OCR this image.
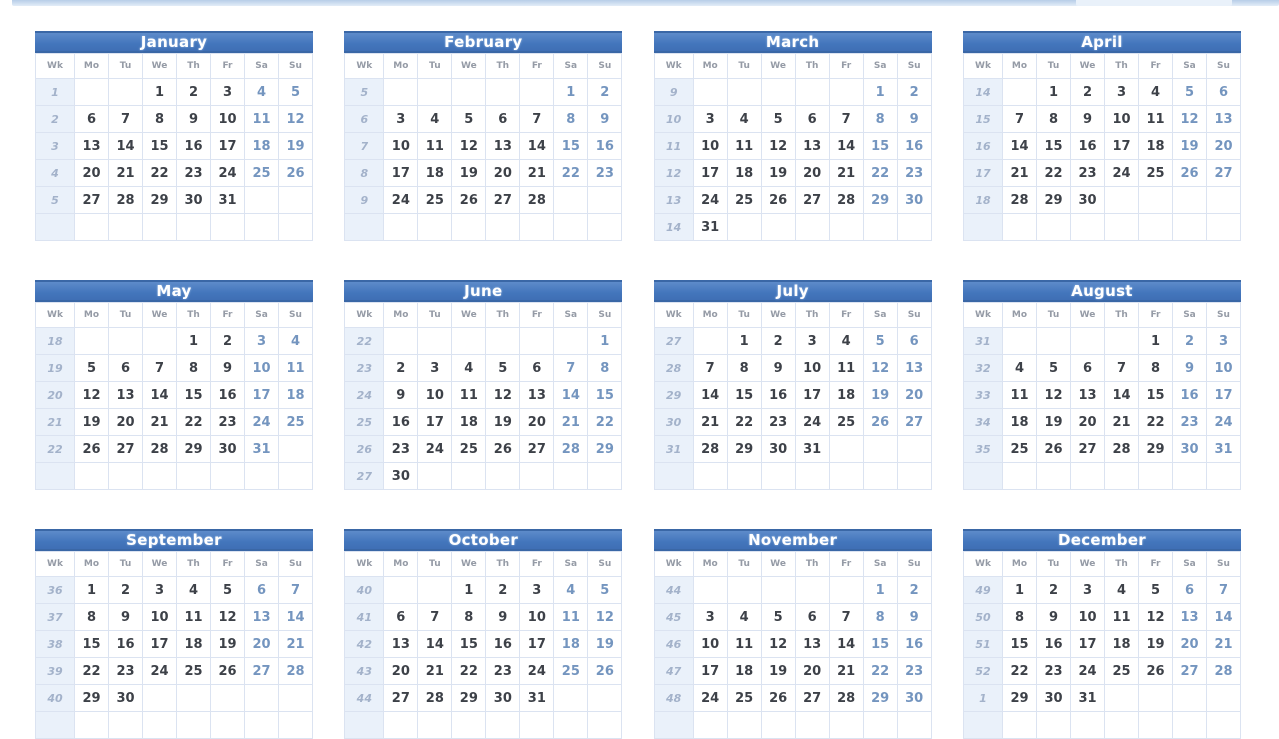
January
Wk	Mo	Tu	We	Th	Fr	Sa	Su
1			1	2	3	4	5
2	6	7	8	9	10	11	12
3	13	14	15	16	17	18	19
4	20	21	22	23	24	25	26
5	27	28	29	30	31		

February
Wk	Mo	Tu	We	Th	Fr	Sa	Su
5						1	2
6	3	4	5	6	7	8	9
7	10	11	12	13	14	15	16
8	17	18	19	20	21	22	23
9	24	25	26	27	28		

March
Wk	Mo	Tu	We	Th	Fr	Sa	Su
9						1	2
10	3	4	5	6	7	8	9
11	10	11	12	13	14	15	16
12	17	18	19	20	21	22	23
13	24	25	26	27	28	29	30
14	31						
April
Wk	Mo	Tu	We	Th	Fr	Sa	Su
14		1	2	3	4	5	6
15	7	8	9	10	11	12	13
16	14	15	16	17	18	19	20
17	21	22	23	24	25	26	27
18	28	29	30				

May
Wk	Mo	Tu	We	Th	Fr	Sa	Su
18				1	2	3	4
19	5	6	7	8	9	10	11
20	12	13	14	15	16	17	18
21	19	20	21	22	23	24	25
22	26	27	28	29	30	31	

June
Wk	Mo	Tu	We	Th	Fr	Sa	Su
22							1
23	2	3	4	5	6	7	8
24	9	10	11	12	13	14	15
25	16	17	18	19	20	21	22
26	23	24	25	26	27	28	29
27	30						
July
Wk	Mo	Tu	We	Th	Fr	Sa	Su
27		1	2	3	4	5	6
28	7	8	9	10	11	12	13
29	14	15	16	17	18	19	20
30	21	22	23	24	25	26	27
31	28	29	30	31			

August
Wk	Mo	Tu	We	Th	Fr	Sa	Su
31					1	2	3
32	4	5	6	7	8	9	10
33	11	12	13	14	15	16	17
34	18	19	20	21	22	23	24
35	25	26	27	28	29	30	31

September
Wk	Mo	Tu	We	Th	Fr	Sa	Su
36	1	2	3	4	5	6	7
37	8	9	10	11	12	13	14
38	15	16	17	18	19	20	21
39	22	23	24	25	26	27	28
40	29	30					

October
Wk	Mo	Tu	We	Th	Fr	Sa	Su
40			1	2	3	4	5
41	6	7	8	9	10	11	12
42	13	14	15	16	17	18	19
43	20	21	22	23	24	25	26
44	27	28	29	30	31		

November
Wk	Mo	Tu	We	Th	Fr	Sa	Su
44						1	2
45	3	4	5	6	7	8	9
46	10	11	12	13	14	15	16
47	17	18	19	20	21	22	23
48	24	25	26	27	28	29	30

December
Wk	Mo	Tu	We	Th	Fr	Sa	Su
49	1	2	3	4	5	6	7
50	8	9	10	11	12	13	14
51	15	16	17	18	19	20	21
52	22	23	24	25	26	27	28
1	29	30	31				
